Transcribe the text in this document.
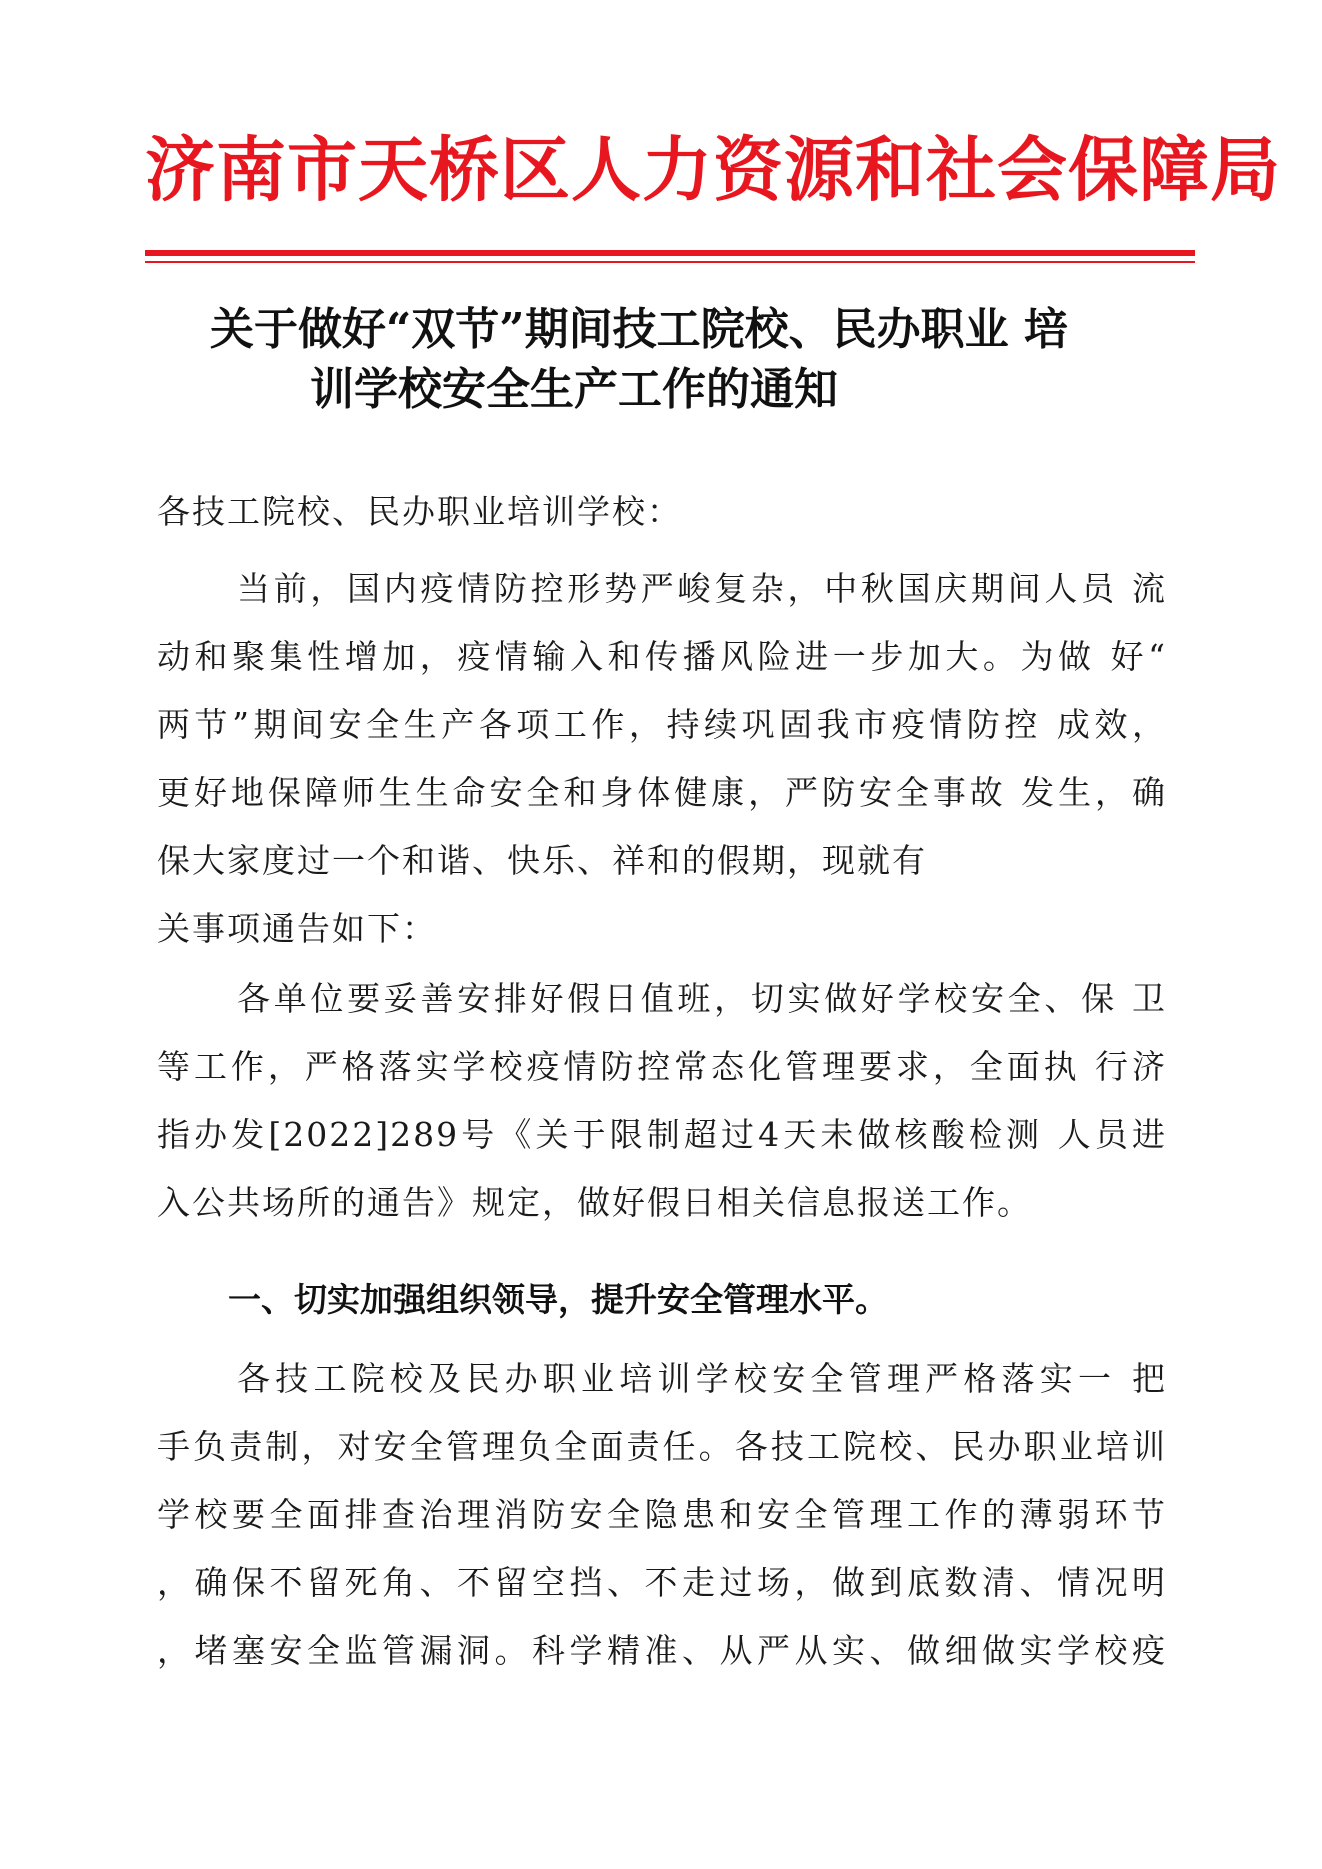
济南市天桥区人力资源和社会保障局
关于做好“双节”期间技工院校、民办职业 培
训学校安全生产工作的通知
各技工院校、民办职业培训学校：
当前，国内疫情防控形势严峻复杂，中秋国庆期间人员 流
动和聚集性增加，疫情输入和传播风险进一步加大。为做 好“
两节”期间安全生产各项工作，持续巩固我市疫情防控 成效，
更好地保障师生生命安全和身体健康，严防安全事故 发生，确
保大家度过一个和谐、快乐、祥和的假期，现就有
关事项通告如下：
各单位要妥善安排好假日值班，切实做好学校安全、保 卫
等工作，严格落实学校疫情防控常态化管理要求，全面执 行济
指办发[2022]289号《关于限制超过4天未做核酸检测 人员进
入公共场所的通告》规定，做好假日相关信息报送工作。
一、切实加强组织领导，提升安全管理水平。
各技工院校及民办职业培训学校安全管理严格落实一 把
手负责制，对安全管理负全面责任。各技工院校、民办职业培训
学校要全面排查治理消防安全隐患和安全管理工作的薄弱环节
，确保不留死角、不留空挡、不走过场，做到底数清、情况明
，堵塞安全监管漏洞。科学精准、从严从实、做细做实学校疫
